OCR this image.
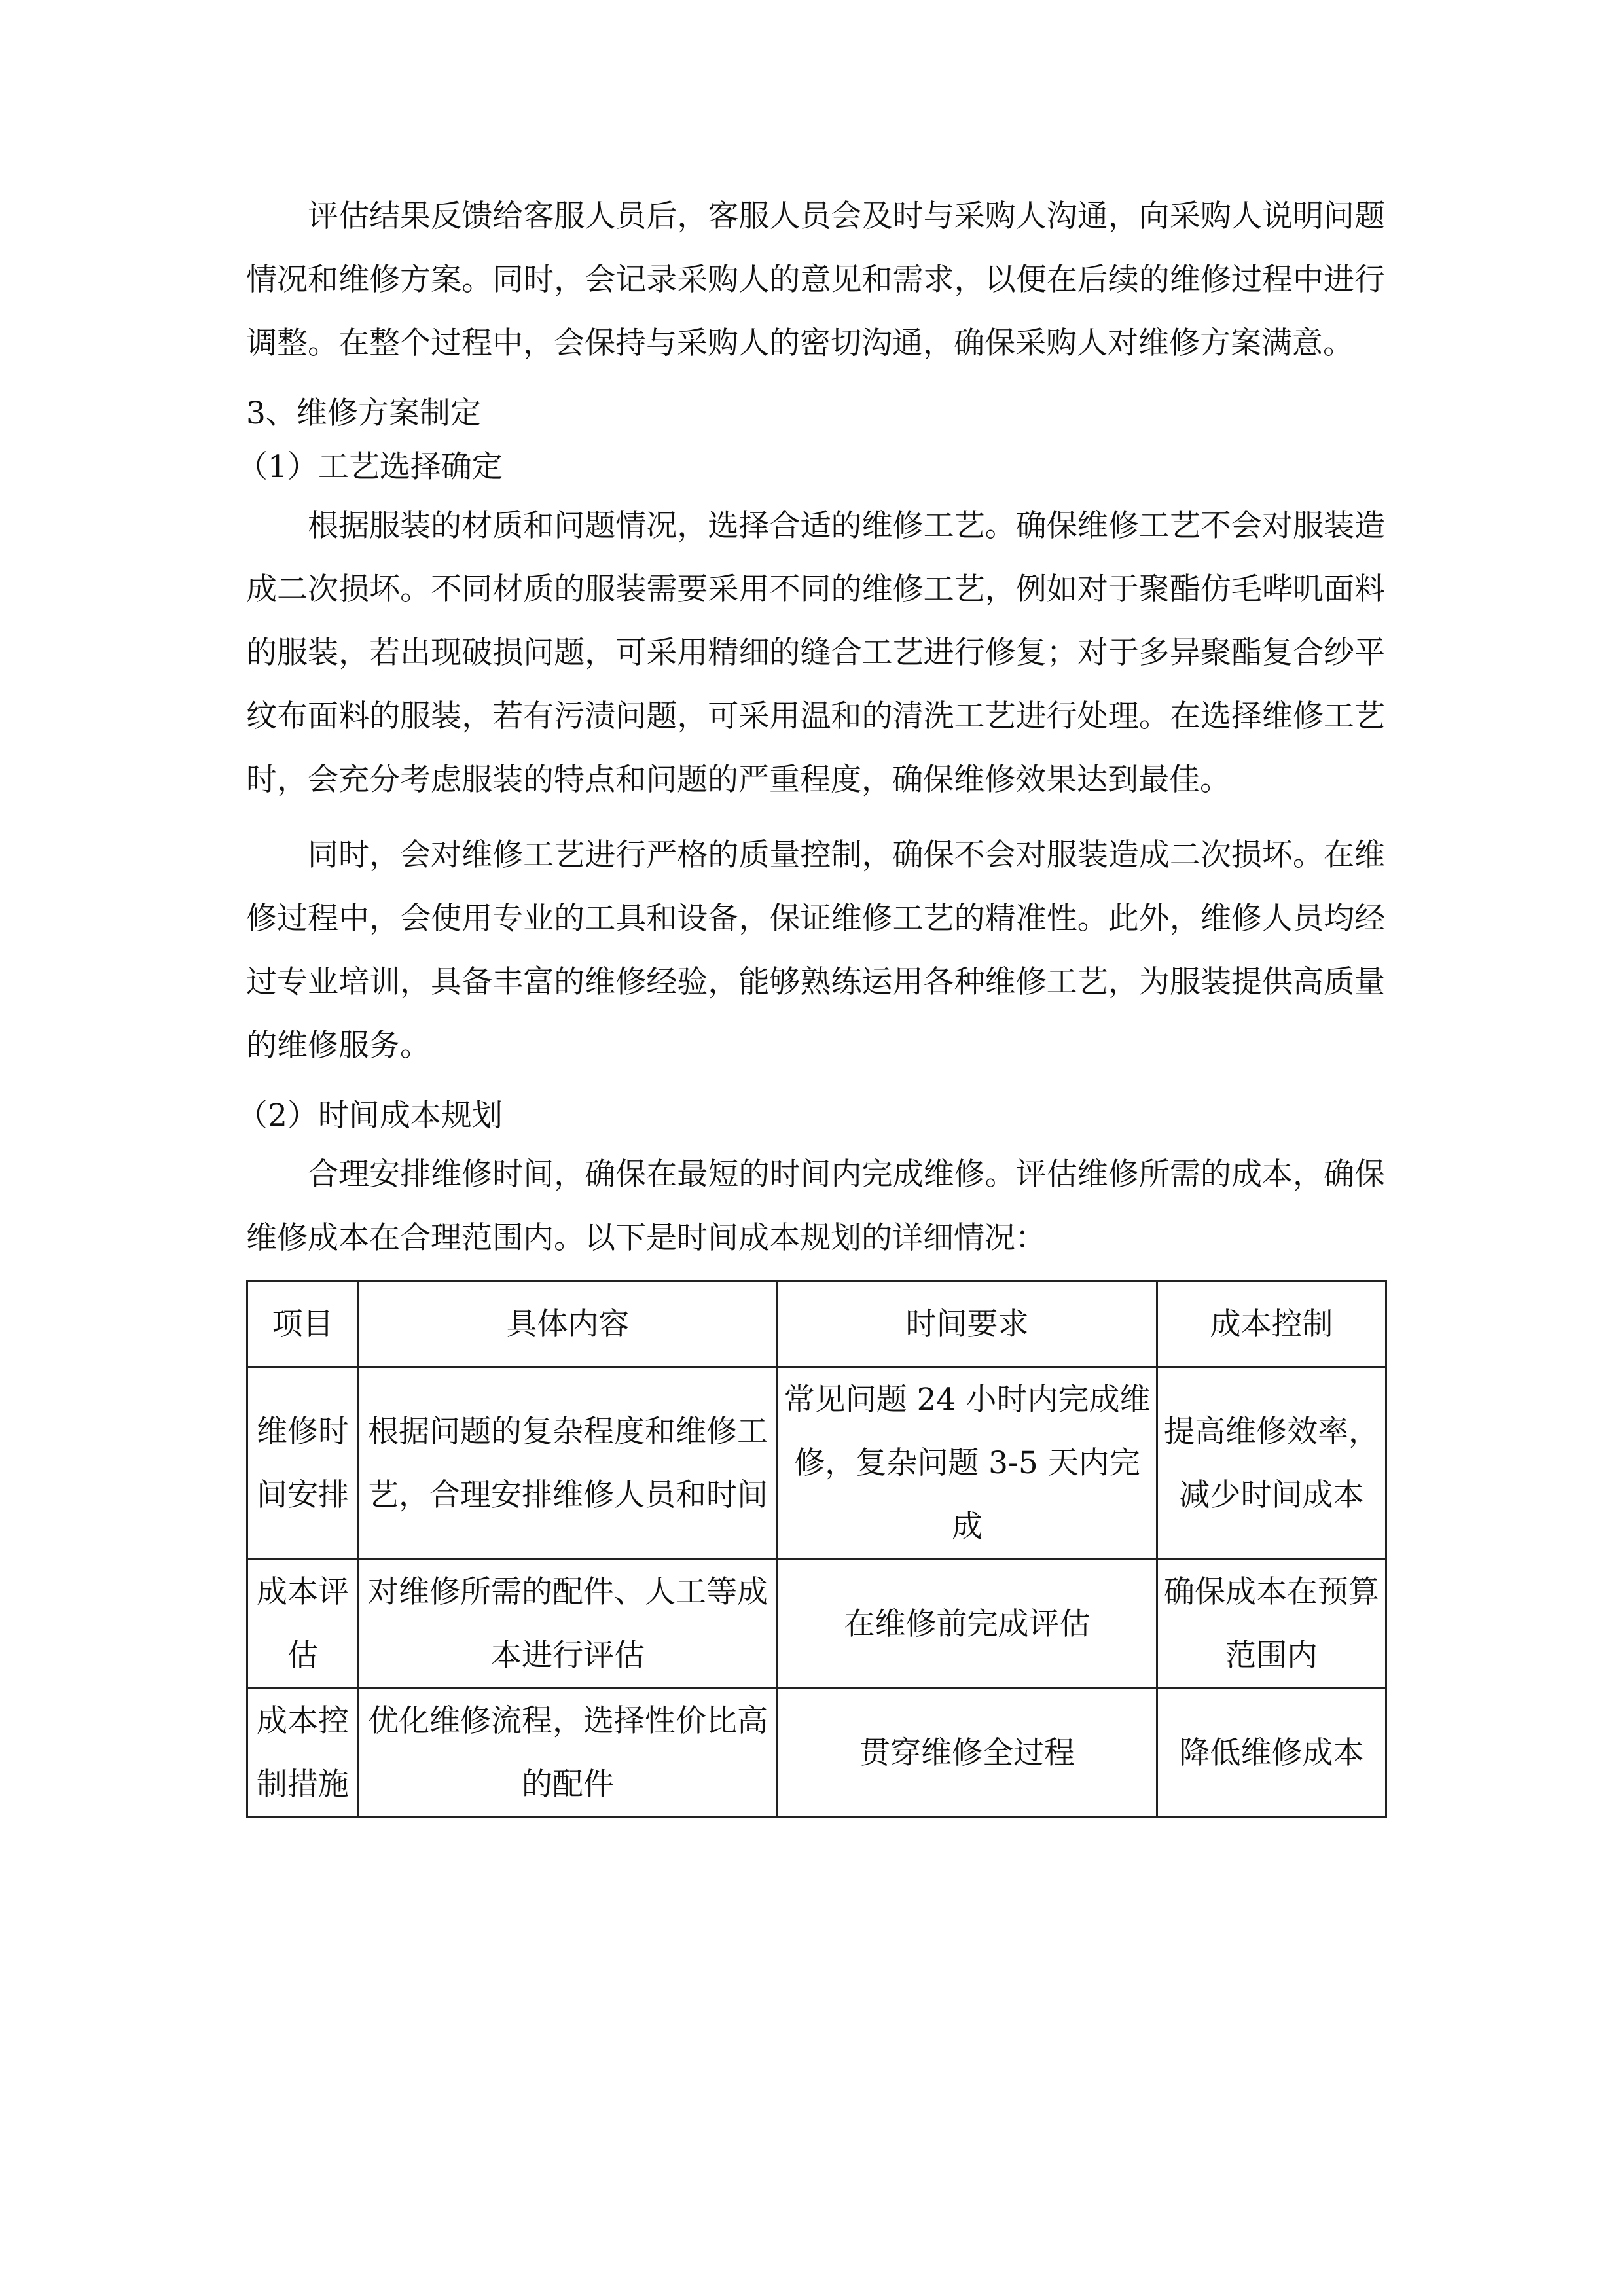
评估结果反馈给客服人员后，客服人员会及时与采购人沟通，向采购人说明问题情况和维修方案。同时，会记录采购人的意见和需求，以便在后续的维修过程中进行调整。在整个过程中，会保持与采购人的密切沟通，确保采购人对维修方案满意。

3、维修方案制定

（1）工艺选择确定

根据服装的材质和问题情况，选择合适的维修工艺。确保维修工艺不会对服装造成二次损坏。不同材质的服装需要采用不同的维修工艺，例如对于聚酯仿毛哔叽面料的服装，若出现破损问题，可采用精细的缝合工艺进行修复；对于多异聚酯复合纱平纹布面料的服装，若有污渍问题，可采用温和的清洗工艺进行处理。在选择维修工艺时，会充分考虑服装的特点和问题的严重程度，确保维修效果达到最佳。

同时，会对维修工艺进行严格的质量控制，确保不会对服装造成二次损坏。在维修过程中，会使用专业的工具和设备，保证维修工艺的精准性。此外，维修人员均经过专业培训，具备丰富的维修经验，能够熟练运用各种维修工艺，为服装提供高质量的维修服务。

（2）时间成本规划

合理安排维修时间，确保在最短的时间内完成维修。评估维修所需的成本，确保维修成本在合理范围内。以下是时间成本规划的详细情况：

项目	具体内容	时间要求	成本控制
维修时间安排	根据问题的复杂程度和维修工艺，合理安排维修人员和时间	常见问题 24 小时内完成维修，复杂问题 3-5 天内完成	提高维修效率，减少时间成本
成本评估	对维修所需的配件、人工等成本进行评估	在维修前完成评估	确保成本在预算范围内
成本控制措施	优化维修流程，选择性价比高的配件	贯穿维修全过程	降低维修成本
